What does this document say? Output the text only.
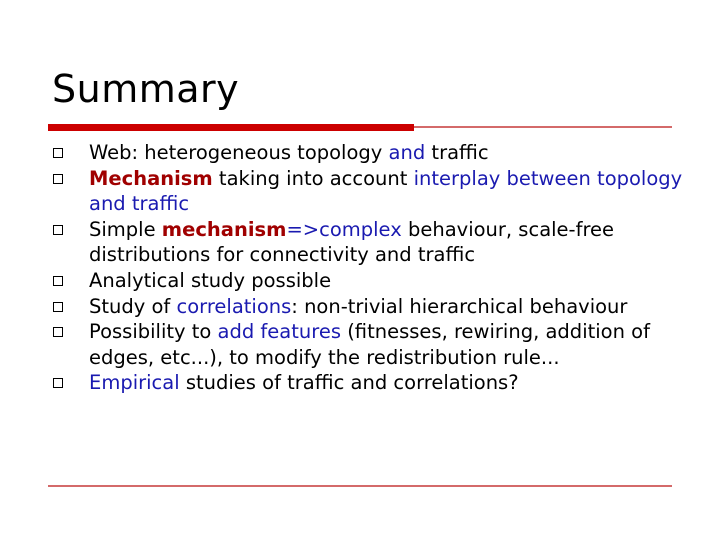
Summary
Web: heterogeneous topology and traffic
Mechanism taking into account interplay between topology and traffic
Simple mechanism=>complex behaviour, scale-free distributions for connectivity and traffic
Analytical study possible
Study of correlations: non-trivial hierarchical behaviour
Possibility to add features (fitnesses, rewiring, addition of edges, etc...), to modify the redistribution rule...
Empirical studies of traffic and correlations?
